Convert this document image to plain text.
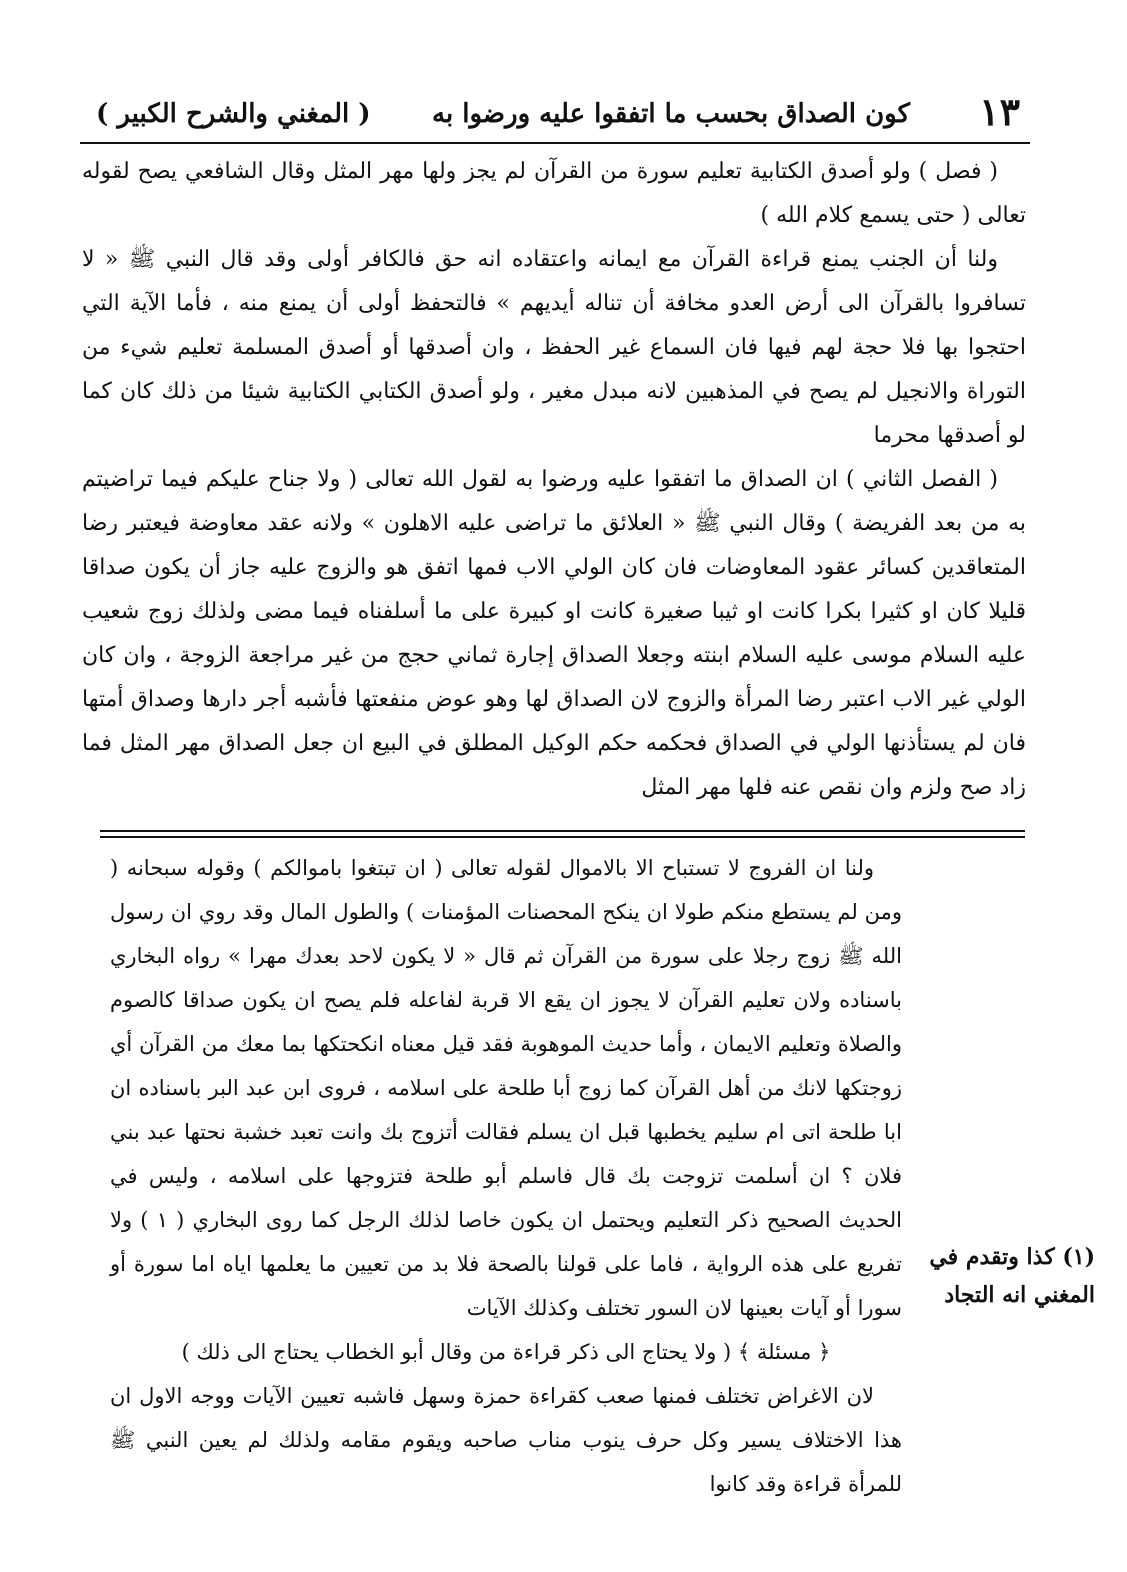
١٣
كون الصداق بحسب ما اتفقوا عليه ورضوا به
( المغني والشرح الكبير )

( فصل ) ولو أصدق الكتابية تعليم سورة من القرآن لم يجز ولها مهر المثل وقال الشافعي يصح لقوله تعالى ( حتى يسمع كلام الله )

ولنا أن الجنب يمنع قراءة القرآن مع ايمانه واعتقاده انه حق فالكافر أولى وقد قال النبي ﷺ « لا تسافروا بالقرآن الى أرض العدو مخافة أن تناله أيديهم » فالتحفظ أولى أن يمنع منه ، فأما الآية التي احتجوا بها فلا حجة لهم فيها فان السماع غير الحفظ ، وان أصدقها أو أصدق المسلمة تعليم شيء من التوراة والانجيل لم يصح في المذهبين لانه مبدل مغير ، ولو أصدق الكتابي الكتابية شيئا من ذلك كان كما لو أصدقها محرما

( الفصل الثاني ) ان الصداق ما اتفقوا عليه ورضوا به لقول الله تعالى ( ولا جناح عليكم فيما تراضيتم به من بعد الفريضة ) وقال النبي ﷺ « العلائق ما تراضى عليه الاهلون » ولانه عقد معاوضة فيعتبر رضا المتعاقدين كسائر عقود المعاوضات فان كان الولي الاب فمها اتفق هو والزوج عليه جاز أن يكون صداقا قليلا كان او كثيرا بكرا كانت او ثيبا صغيرة كانت او كبيرة على ما أسلفناه فيما مضى ولذلك زوج شعيب عليه السلام موسى عليه السلام ابنته وجعلا الصداق إجارة ثماني حجج من غير مراجعة الزوجة ، وان كان الولي غير الاب اعتبر رضا المرأة والزوج لان الصداق لها وهو عوض منفعتها فأشبه أجر دارها وصداق أمتها فان لم يستأذنها الولي في الصداق فحكمه حكم الوكيل المطلق في البيع ان جعل الصداق مهر المثل فما زاد صح ولزم وان نقص عنه فلها مهر المثل

ولنا ان الفروج لا تستباح الا بالاموال لقوله تعالى ( ان تبتغوا باموالكم ) وقوله سبحانه ( ومن لم يستطع منكم طولا ان ينكح المحصنات المؤمنات ) والطول المال وقد روي ان رسول الله ﷺ زوج رجلا على سورة من القرآن ثم قال « لا يكون لاحد بعدك مهرا » رواه البخاري باسناده ولان تعليم القرآن لا يجوز ان يقع الا قربة لفاعله فلم يصح ان يكون صداقا كالصوم والصلاة وتعليم الايمان ، وأما حديث الموهوبة فقد قيل معناه انكحتكها بما معك من القرآن أي زوجتكها لانك من أهل القرآن كما زوج أبا طلحة على اسلامه ، فروى ابن عبد البر باسناده ان ابا طلحة اتى ام سليم يخطبها قبل ان يسلم فقالت أتزوج بك وانت تعبد خشبة نحتها عبد بني فلان ؟ ان أسلمت تزوجت بك قال فاسلم أبو طلحة فتزوجها على اسلامه ، وليس في الحديث الصحيح ذكر التعليم ويحتمل ان يكون خاصا لذلك الرجل كما روى البخاري ( ١ ) ولا تفريع على هذه الرواية ، فاما على قولنا بالصحة فلا بد من تعيين ما يعلمها اياه اما سورة أو سورا أو آيات بعينها لان السور تختلف وكذلك الآيات

﴿ مسئلة ﴾ ( ولا يحتاج الى ذكر قراءة من وقال أبو الخطاب يحتاج الى ذلك )

لان الاغراض تختلف فمنها صعب كقراءة حمزة وسهل فاشبه تعيين الآيات ووجه الاول ان هذا الاختلاف يسير وكل حرف ينوب مناب صاحبه ويقوم مقامه ولذلك لم يعين النبي ﷺ للمرأة قراءة وقد كانوا

(١) كذا وتقدم في المغني انه التجاد
